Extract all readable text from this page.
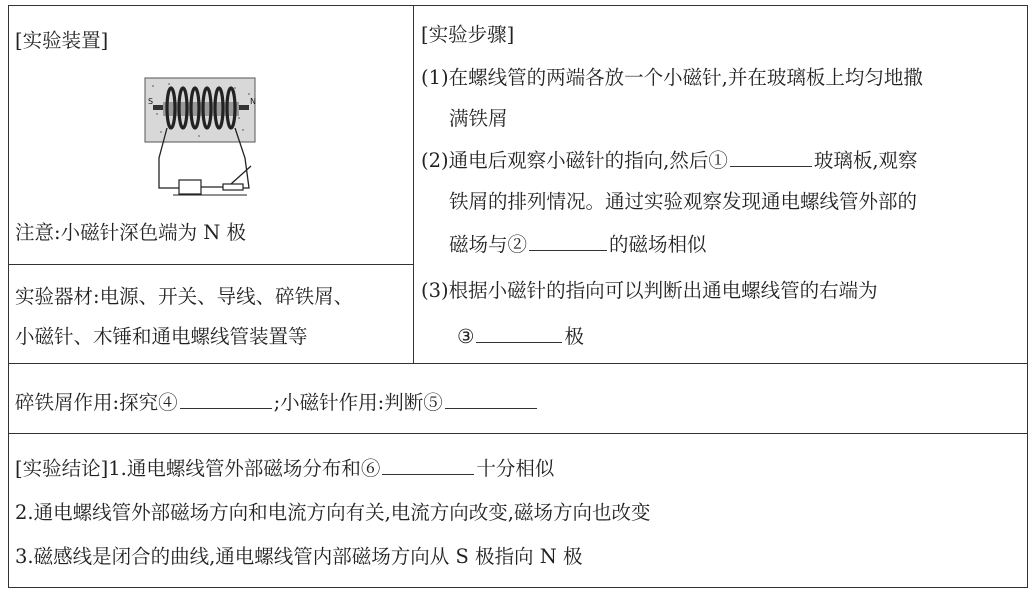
[实验装置]
S	N
注意:小磁针深色端为 N 极
实验器材:电源、开关、导线、碎铁屑、
小磁针、木锤和通电螺线管装置等
[实验步骤]
(1)在螺线管的两端各放一个小磁针,并在玻璃板上均匀地撒
满铁屑
(2)通电后观察小磁针的指向,然后①	玻璃板,观察
铁屑的排列情况。通过实验观察发现通电螺线管外部的
磁场与②	的磁场相似
(3)根据小磁针的指向可以判断出通电螺线管的右端为
③	极
碎铁屑作用:探究④	;小磁针作用:判断⑤
[实验结论]1.通电螺线管外部磁场分布和⑥	十分相似
2.通电螺线管外部磁场方向和电流方向有关,电流方向改变,磁场方向也改变
3.磁感线是闭合的曲线,通电螺线管内部磁场方向从 S 极指向 N 极
